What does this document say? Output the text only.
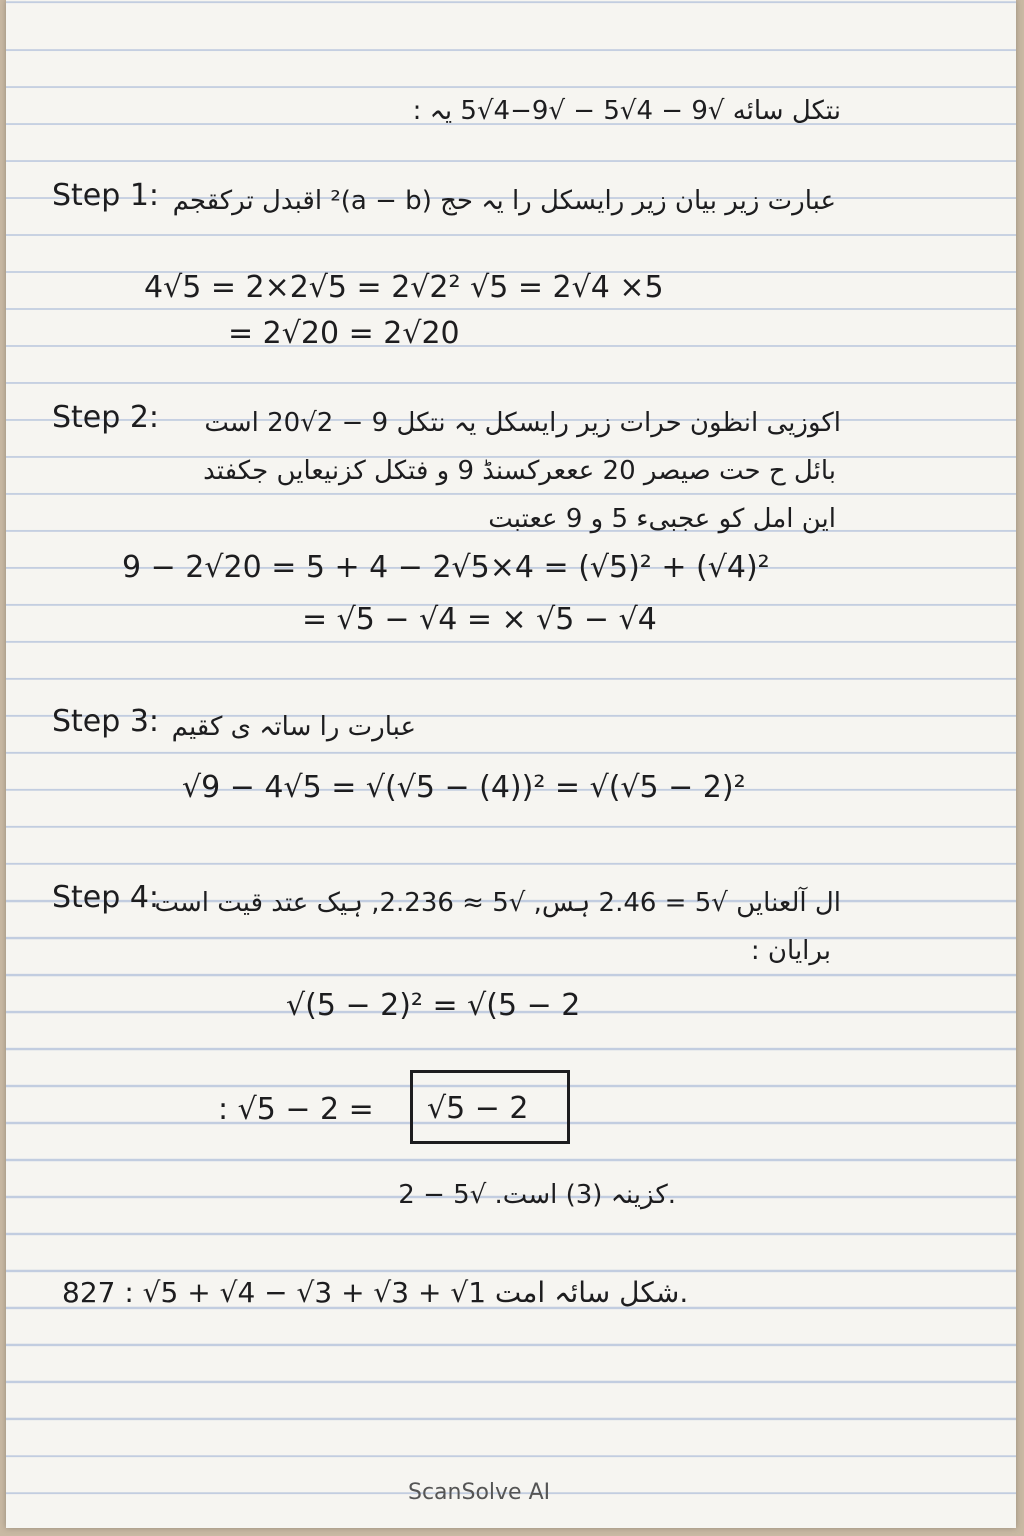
نتکل سائه √9 − 4√5 − √9−4√5 یہ :
Step 1: عبارت زیر بیان زیر رایسکل را یہ حج (a − b)² اقبدل ترکقجم
4√5 = 2×2√5 = 2√2² √5 = 2√4 ×5
= 2√20 = 2√20
Step 2: اکوزیی انظون حرات زیر رایسکل یہ نتکل 9 − 2√20 است
بائل ح حت صیصر 20 عععرکسنڈ 9 و فتکل کزنیعایں جکفتد
این امل کو عجبیء 5 و 9 ععتبت
9 − 2√20 = 5 + 4 − 2√5×4 = (√5)² + (√4)²
= √5 − √4 = × √5 − √4
Step 3: عبارت را ساتہ ی کقیم
√9 − 4√5 = √(√5 − (4))² = √(√5 − 2)²
Step 4:
ال آلعنایں √5 = 2.46 ہس, √5 ≈ 2.236, ہیک عتد قیت است
برایان :
√(5 − 2)² = √(5 − 2
: √5 − 2 = √5 − 2
.کزینہ (3) است. √5 − 2
827 : √5 + √4 − √3 + √3 + √1 شکل سائہ امت.
ScanSolve AI
